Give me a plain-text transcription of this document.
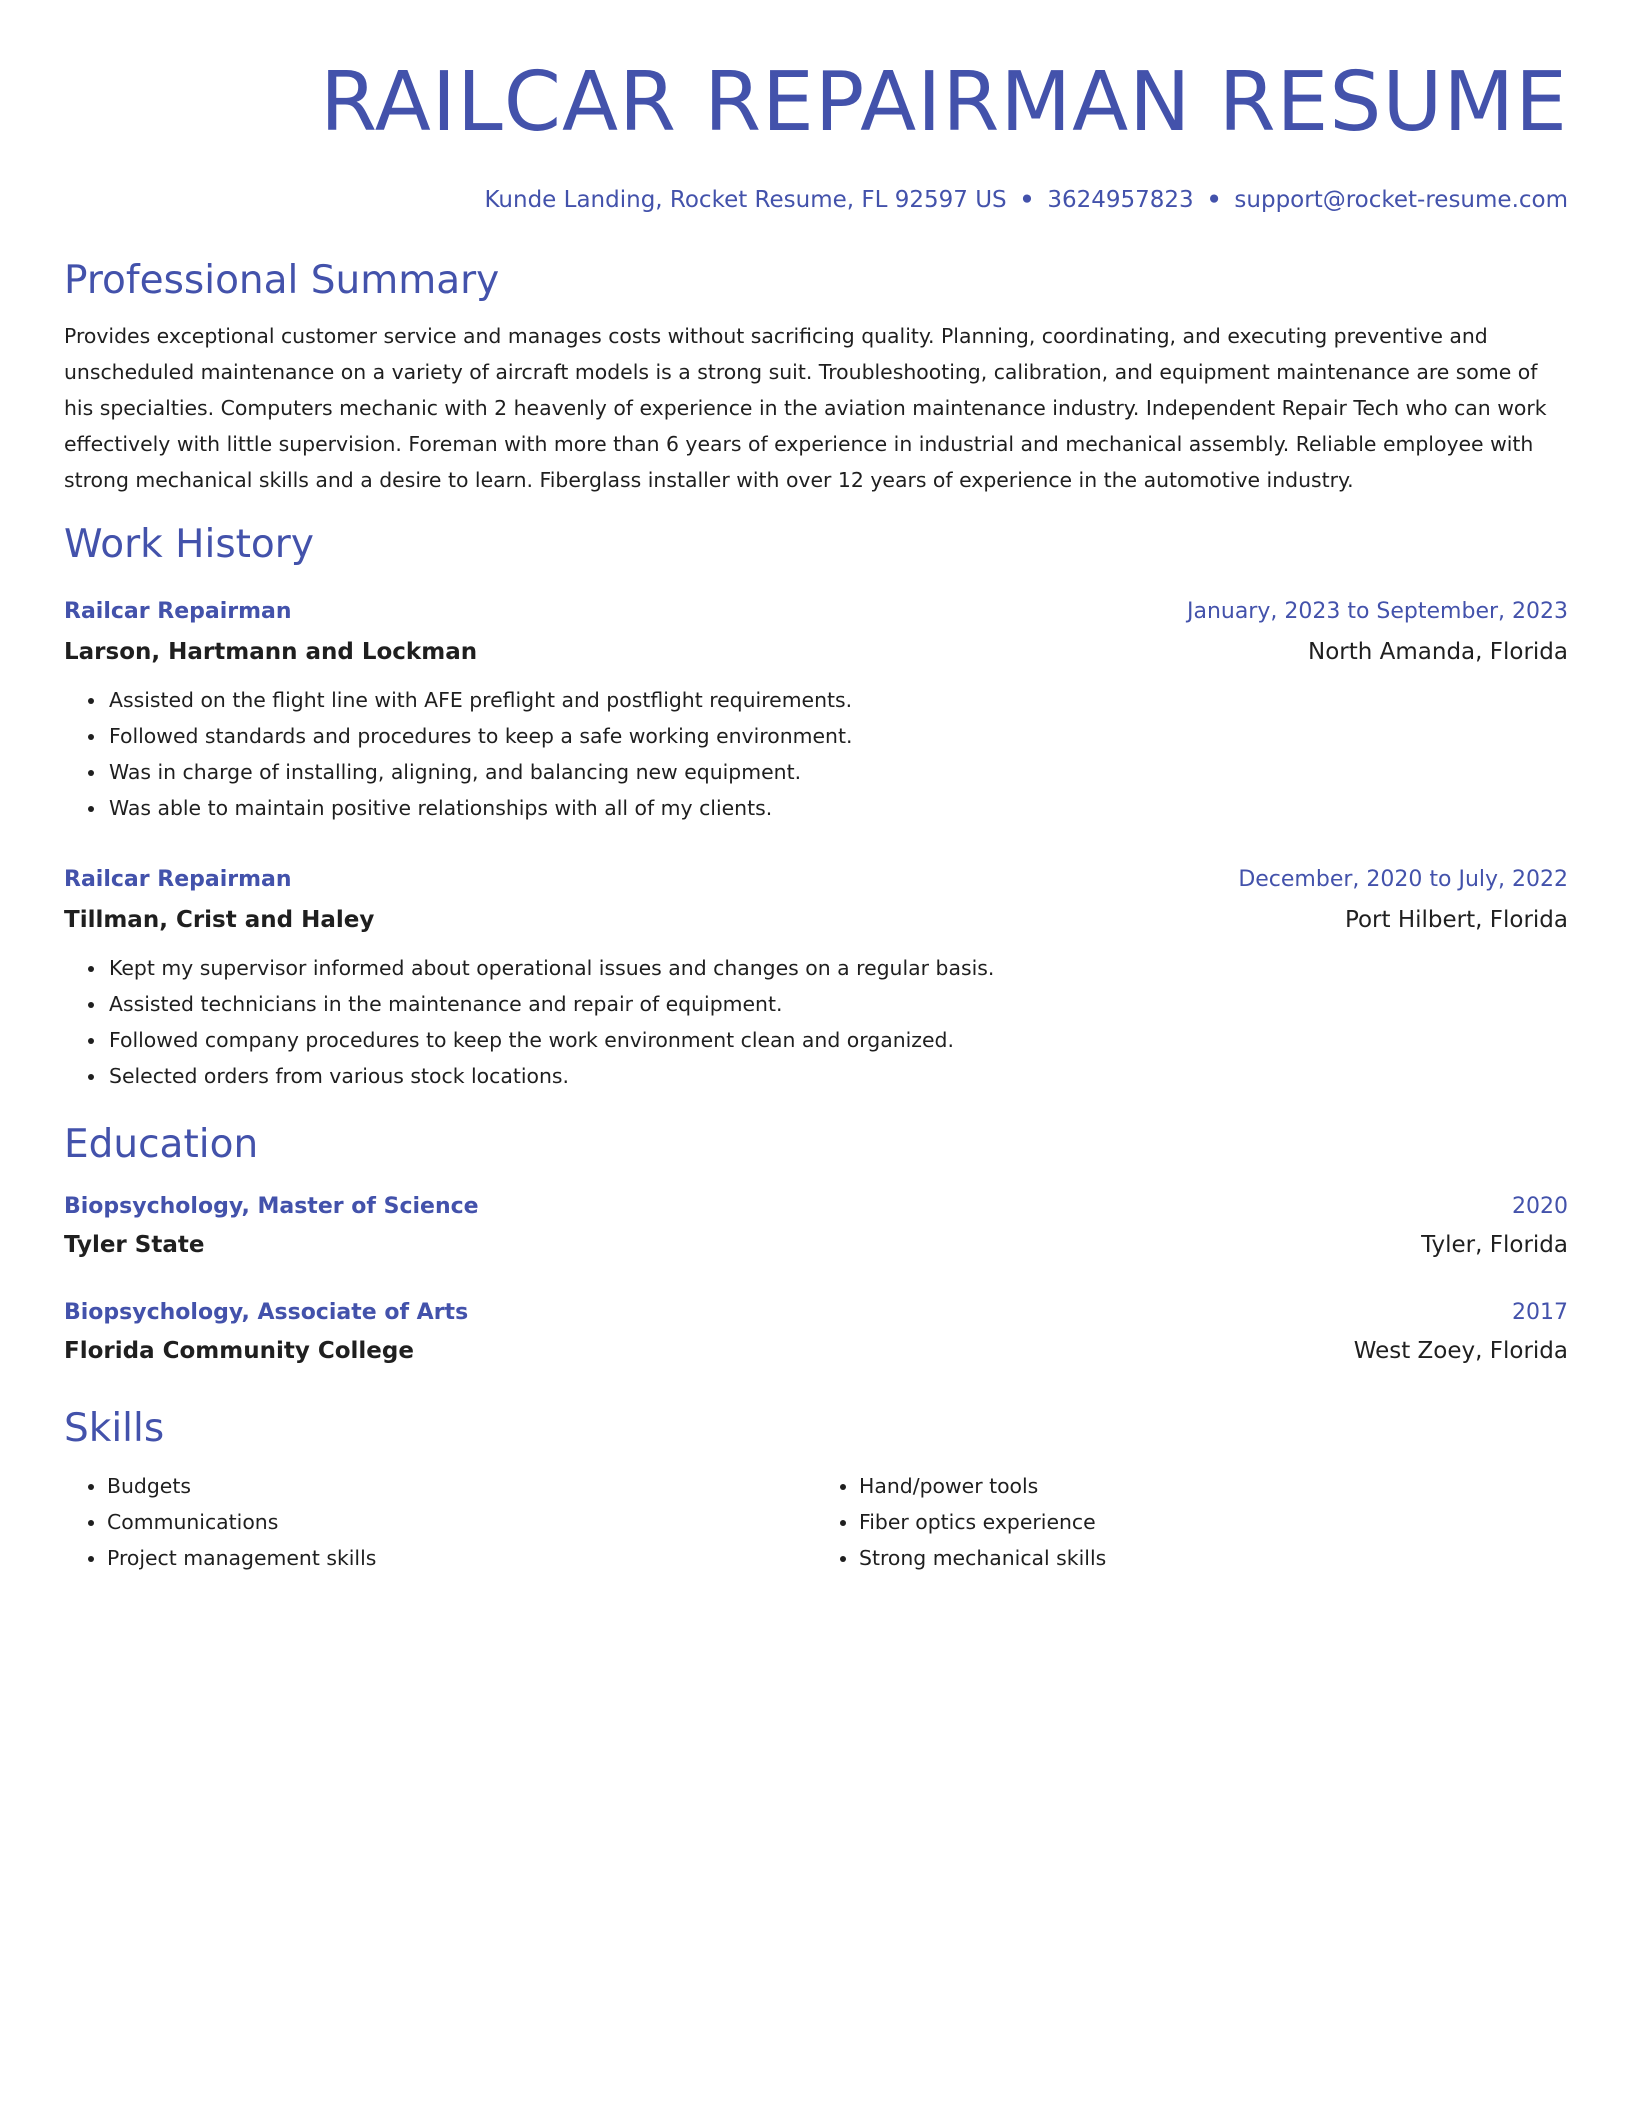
RAILCAR REPAIRMAN RESUME
Kunde Landing, Rocket Resume, FL 92597 US • 3624957823 • support@rocket-resume.com
Professional Summary
Provides exceptional customer service and manages costs without sacrificing quality. Planning, coordinating, and executing preventive and unscheduled maintenance on a variety of aircraft models is a strong suit. Troubleshooting, calibration, and equipment maintenance are some of his specialties. Computers mechanic with 2 heavenly of experience in the aviation maintenance industry. Independent Repair Tech who can work effectively with little supervision. Foreman with more than 6 years of experience in industrial and mechanical assembly. Reliable employee with strong mechanical skills and a desire to learn. Fiberglass installer with over 12 years of experience in the automotive industry.
Work History
Railcar Repairman	January, 2023 to September, 2023
Larson, Hartmann and Lockman	North Amanda, Florida
• Assisted on the flight line with AFE preflight and postflight requirements.
• Followed standards and procedures to keep a safe working environment.
• Was in charge of installing, aligning, and balancing new equipment.
• Was able to maintain positive relationships with all of my clients.
Railcar Repairman	December, 2020 to July, 2022
Tillman, Crist and Haley	Port Hilbert, Florida
• Kept my supervisor informed about operational issues and changes on a regular basis.
• Assisted technicians in the maintenance and repair of equipment.
• Followed company procedures to keep the work environment clean and organized.
• Selected orders from various stock locations.
Education
Biopsychology, Master of Science	2020
Tyler State	Tyler, Florida
Biopsychology, Associate of Arts	2017
Florida Community College	West Zoey, Florida
Skills
• Budgets
• Communications
• Project management skills
• Hand/power tools
• Fiber optics experience
• Strong mechanical skills
